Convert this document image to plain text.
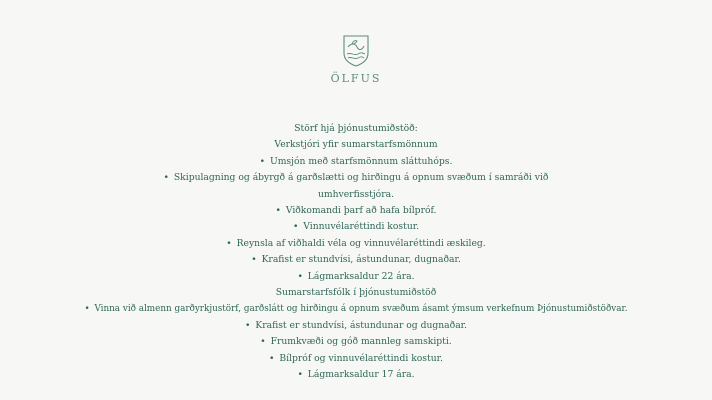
ÖLFUS

Störf hjá þjónustumiðstöð:

Verkstjóri yfir sumarstarfsmönnum

• Umsjón með starfsmönnum sláttuhóps.

• Skipulagning og ábyrgð á garðslætti og hirðingu á opnum svæðum í samráði við umhverfisstjóra.

• Viðkomandi þarf að hafa bílpróf.

• Vinnuvélaréttindi kostur.

• Reynsla af viðhaldi véla og vinnuvélaréttindi æskileg.

• Krafist er stundvísi, ástundunar, dugnaðar.

• Lágmarksaldur 22 ára.

Sumarstarfsfólk í þjónustumiðstöð

• Vinna við almenn garðyrkjustörf, garðslátt og hirðingu á opnum svæðum ásamt ýmsum verkefnum Þjónustumiðstöðvar.

• Krafist er stundvísi, ástundunar og dugnaðar.

• Frumkvæði og góð mannleg samskipti.

• Bílpróf og vinnuvélaréttindi kostur.

• Lágmarksaldur 17 ára.
